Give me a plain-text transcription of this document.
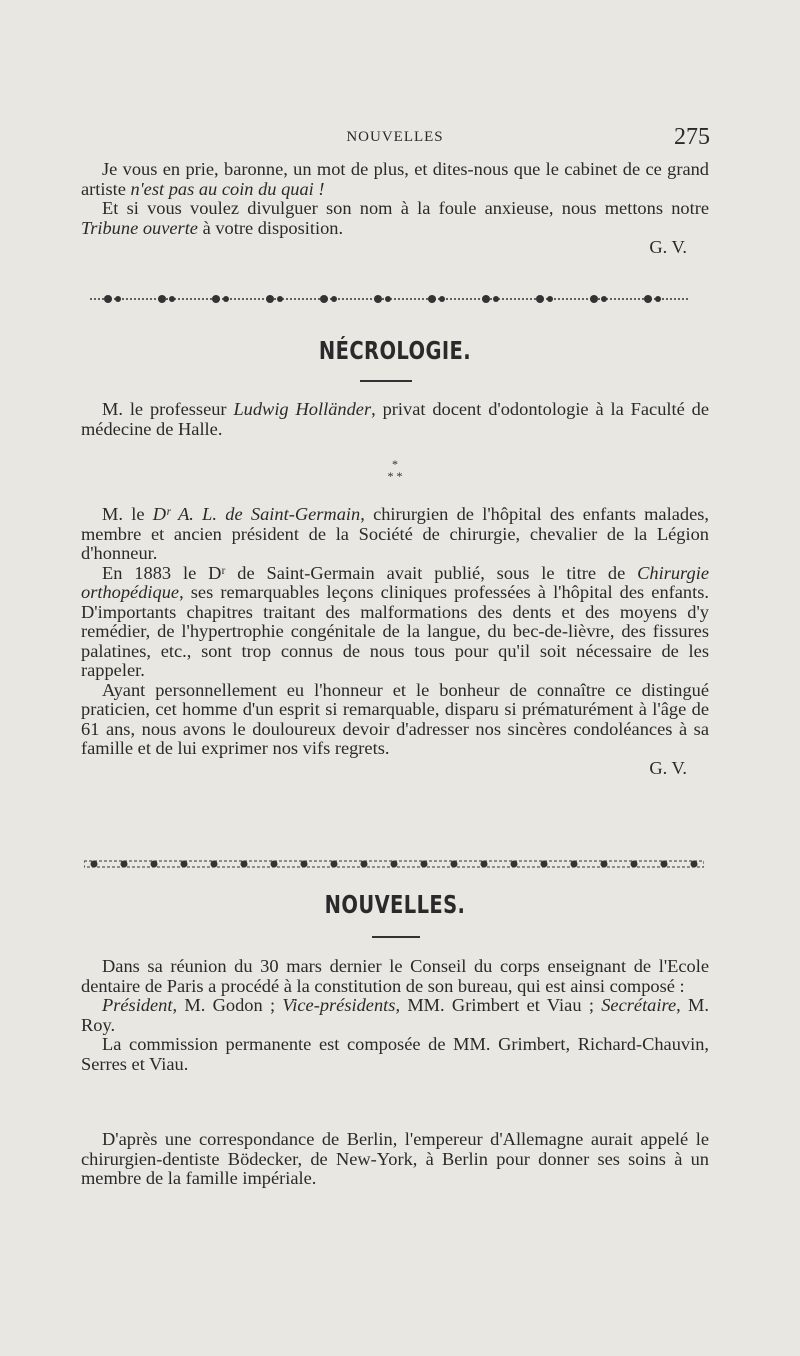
NOUVELLES	275

Je vous en prie, baronne, un mot de plus, et dites-nous que le cabinet de ce grand artiste n'est pas au coin du quai !

Et si vous voulez divulguer son nom à la foule anxieuse, nous mettons notre Tribune ouverte à votre disposition.

G. V.

NÉCROLOGIE.

M. le professeur Ludwig Holländer, privat docent d'odontologie à la Faculté de médecine de Halle.

*
* *

M. le Dʳ A. L. de Saint-Germain, chirurgien de l'hôpital des enfants malades, membre et ancien président de la Société de chirurgie, chevalier de la Légion d'honneur.

En 1883 le Dʳ de Saint-Germain avait publié, sous le titre de Chirurgie orthopédique, ses remarquables leçons cliniques professées à l'hôpital des enfants. D'importants chapitres traitant des malformations des dents et des moyens d'y remédier, de l'hypertrophie congénitale de la langue, du bec-de-lièvre, des fissures palatines, etc., sont trop connus de nous tous pour qu'il soit nécessaire de les rappeler.

Ayant personnellement eu l'honneur et le bonheur de connaître ce distingué praticien, cet homme d'un esprit si remarquable, disparu si prématurément à l'âge de 61 ans, nous avons le douloureux devoir d'adresser nos sincères condoléances à sa famille et de lui exprimer nos vifs regrets.

G. V.

NOUVELLES.

Dans sa réunion du 30 mars dernier le Conseil du corps enseignant de l'Ecole dentaire de Paris a procédé à la constitution de son bureau, qui est ainsi composé :

Président, M. Godon ; Vice-présidents, MM. Grimbert et Viau ; Secrétaire, M. Roy.

La commission permanente est composée de MM. Grimbert, Richard-Chauvin, Serres et Viau.

D'après une correspondance de Berlin, l'empereur d'Allemagne aurait appelé le chirurgien-dentiste Bödecker, de New-York, à Berlin pour donner ses soins à un membre de la famille impériale.
